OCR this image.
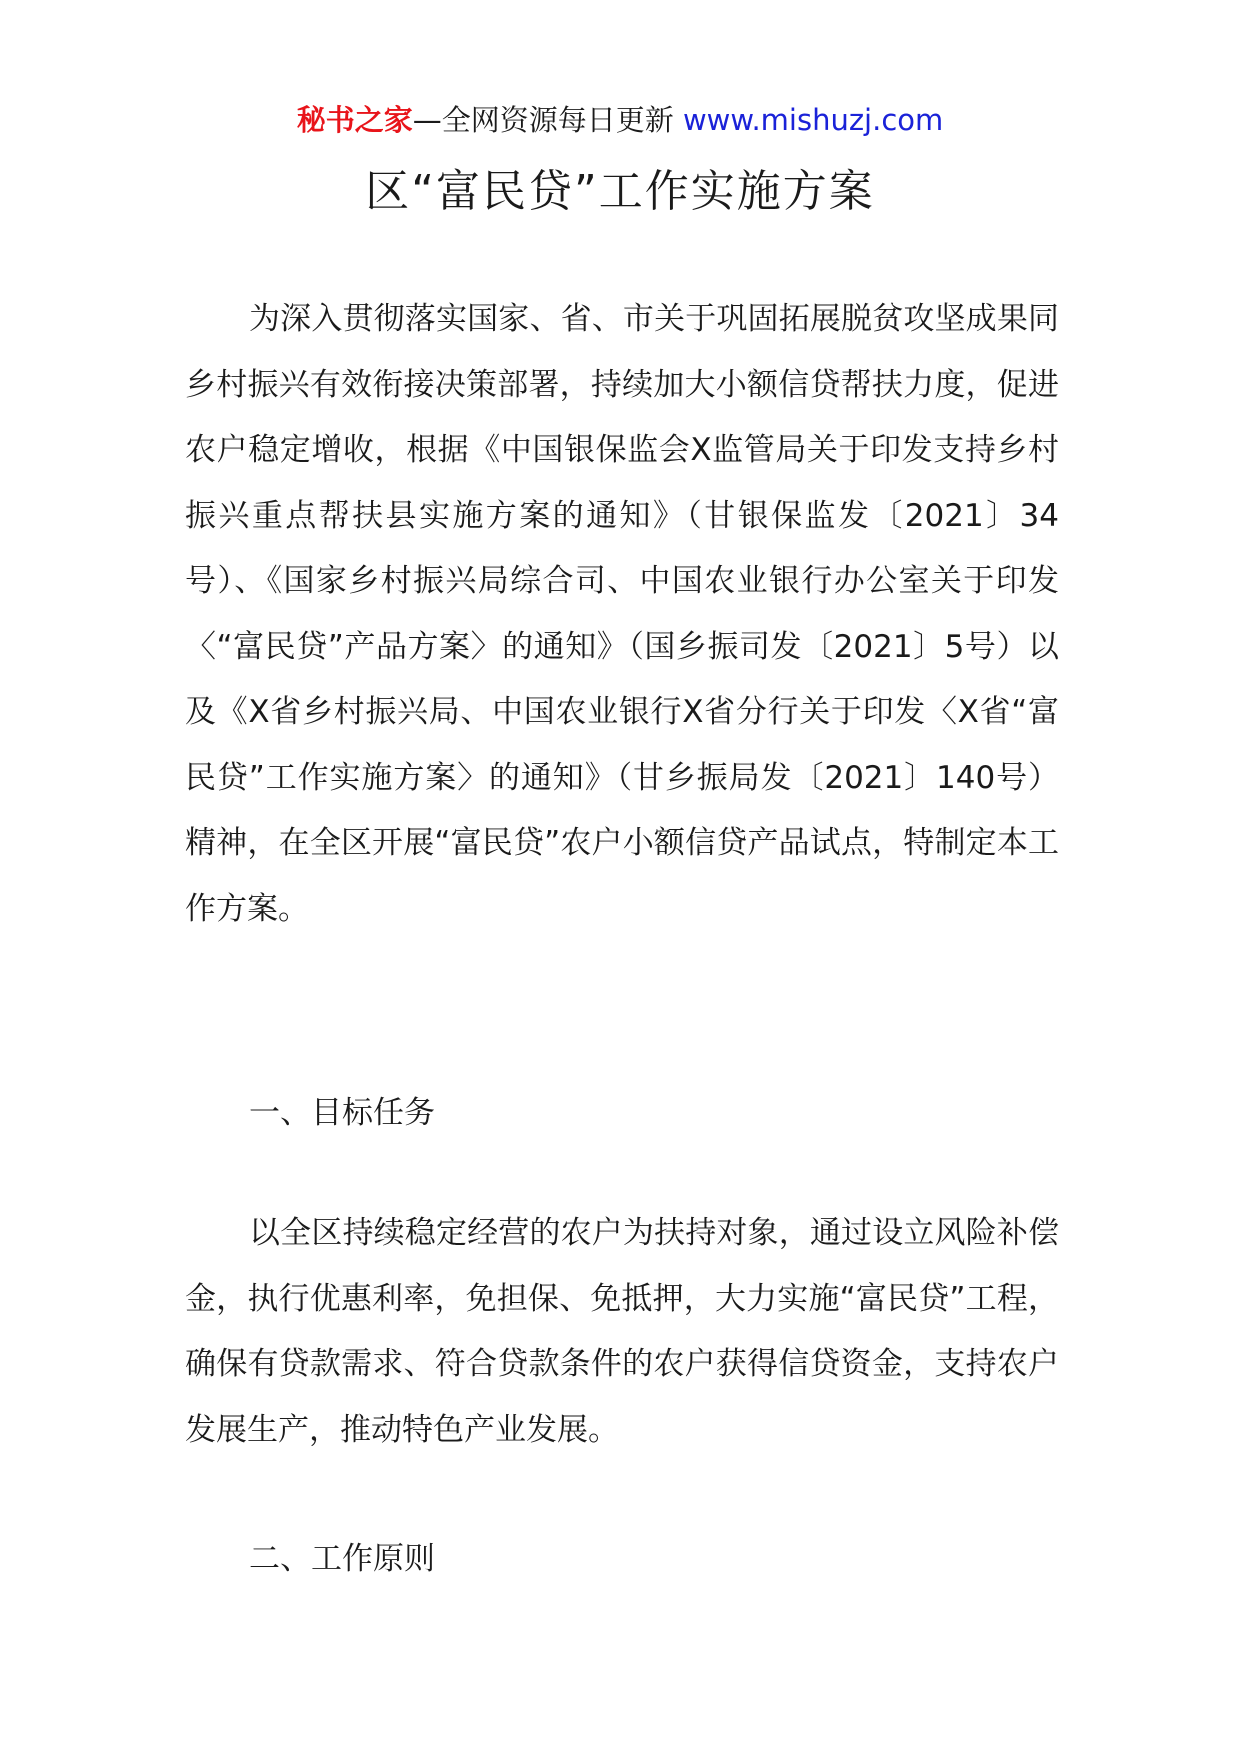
秘书之家—全网资源每日更新 www.mishuzj.com
区“富民贷”工作实施方案

为深入贯彻落实国家、省、市关于巩固拓展脱贫攻坚成果同乡村振兴有效衔接决策部署，持续加大小额信贷帮扶力度，促进农户稳定增收，根据《中国银保监会X监管局关于印发支持乡村振兴重点帮扶县实施方案的通知》（甘银保监发〔2021〕34号）、《国家乡村振兴局综合司、中国农业银行办公室关于印发〈“富民贷”产品方案〉的通知》（国乡振司发〔2021〕5号）以及《X省乡村振兴局、中国农业银行X省分行关于印发〈X省“富民贷”工作实施方案〉的通知》（甘乡振局发〔2021〕140号）精神，在全区开展“富民贷”农户小额信贷产品试点，特制定本工作方案。

一、目标任务

以全区持续稳定经营的农户为扶持对象，通过设立风险补偿金，执行优惠利率，免担保、免抵押，大力实施“富民贷”工程，确保有贷款需求、符合贷款条件的农户获得信贷资金，支持农户发展生产，推动特色产业发展。

二、工作原则
